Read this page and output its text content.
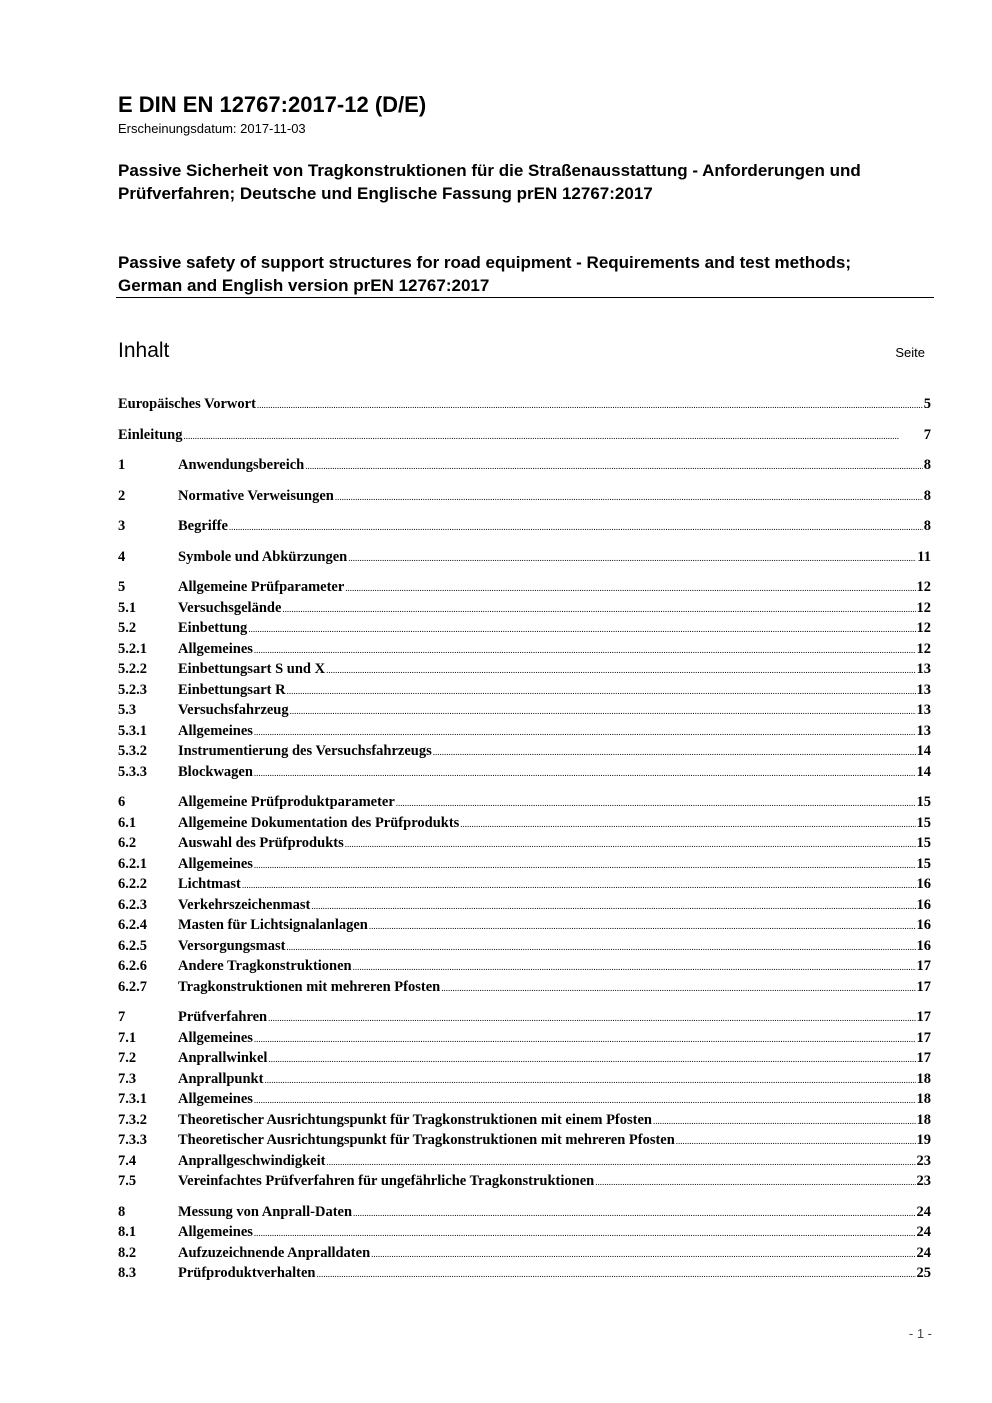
E DIN EN 12767:2017-12 (D/E)
Erscheinungsdatum: 2017-11-03
Passive Sicherheit von Tragkonstruktionen für die Straßenausstattung - Anforderungen und Prüfverfahren; Deutsche und Englische Fassung prEN 12767:2017
Passive safety of support structures for road equipment - Requirements and test methods; German and English version prEN 12767:2017
Inhalt	Seite
Europäisches Vorwort .....	5
Einleitung .....	7
1	Anwendungsbereich .....	8
2	Normative Verweisungen .....	8
3	Begriffe .....	8
4	Symbole und Abkürzungen .....	11
5	Allgemeine Prüfparameter .....	12
5.1	Versuchsgelände .....	12
5.2	Einbettung .....	12
5.2.1	Allgemeines .....	12
5.2.2	Einbettungsart S und X .....	13
5.2.3	Einbettungsart R .....	13
5.3	Versuchsfahrzeug .....	13
5.3.1	Allgemeines .....	13
5.3.2	Instrumentierung des Versuchsfahrzeugs .....	14
5.3.3	Blockwagen .....	14
6	Allgemeine Prüfproduktparameter .....	15
6.1	Allgemeine Dokumentation des Prüfprodukts .....	15
6.2	Auswahl des Prüfprodukts .....	15
6.2.1	Allgemeines .....	15
6.2.2	Lichtmast .....	16
6.2.3	Verkehrszeichenmast .....	16
6.2.4	Masten für Lichtsignalanlagen .....	16
6.2.5	Versorgungsmast .....	16
6.2.6	Andere Tragkonstruktionen .....	17
6.2.7	Tragkonstruktionen mit mehreren Pfosten .....	17
7	Prüfverfahren .....	17
7.1	Allgemeines .....	17
7.2	Anprallwinkel .....	17
7.3	Anprallpunkt .....	18
7.3.1	Allgemeines .....	18
7.3.2	Theoretischer Ausrichtungspunkt für Tragkonstruktionen mit einem Pfosten .....	18
7.3.3	Theoretischer Ausrichtungspunkt für Tragkonstruktionen mit mehreren Pfosten .....	19
7.4	Anprallgeschwindigkeit .....	23
7.5	Vereinfachtes Prüfverfahren für ungefährliche Tragkonstruktionen .....	23
8	Messung von Anprall-Daten .....	24
8.1	Allgemeines .....	24
8.2	Aufzuzeichnende Anpralldaten .....	24
8.3	Prüfproduktverhalten .....	25
- 1 -
